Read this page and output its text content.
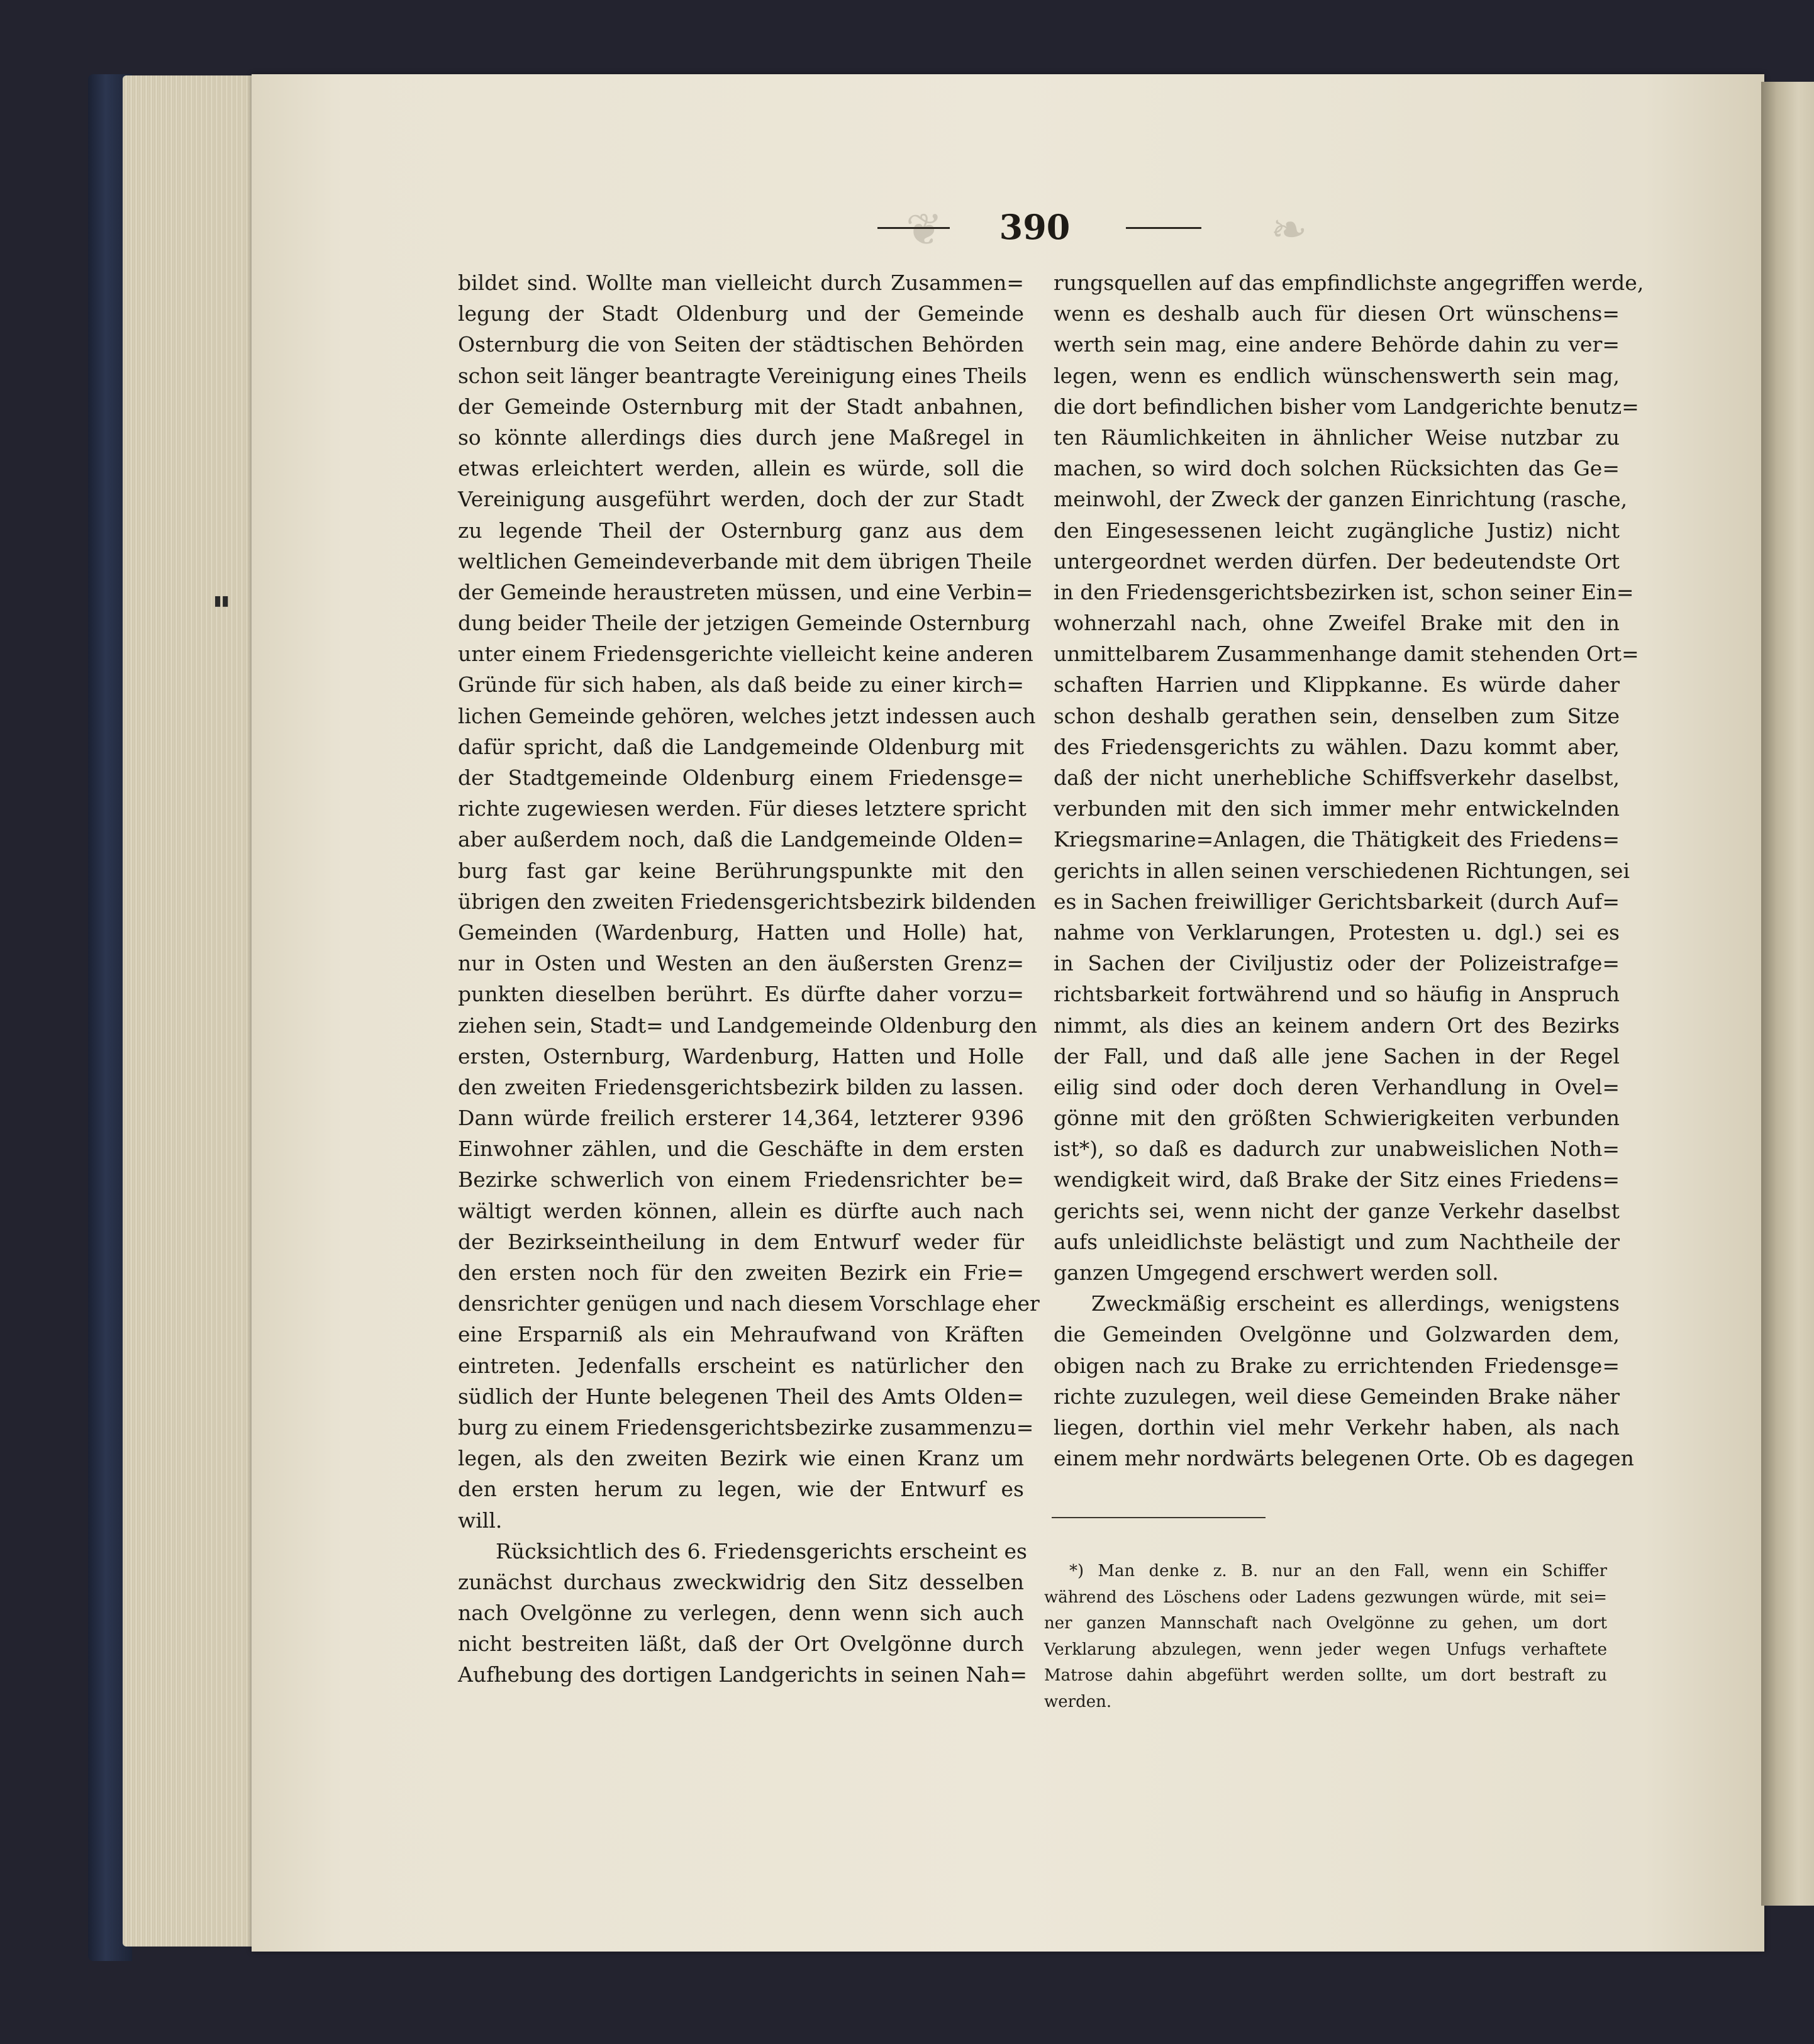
▮▮
390
❦	❧
bildet sind. Wollte man vielleicht durch Zusammen=
legung der Stadt Oldenburg und der Gemeinde
Osternburg die von Seiten der städtischen Behörden
schon seit länger beantragte Vereinigung eines Theils
der Gemeinde Osternburg mit der Stadt anbahnen,
so könnte allerdings dies durch jene Maßregel in
etwas erleichtert werden, allein es würde, soll die
Vereinigung ausgeführt werden, doch der zur Stadt
zu legende Theil der Osternburg ganz aus dem
weltlichen Gemeindeverbande mit dem übrigen Theile
der Gemeinde heraustreten müssen, und eine Verbin=
dung beider Theile der jetzigen Gemeinde Osternburg
unter einem Friedensgerichte vielleicht keine anderen
Gründe für sich haben, als daß beide zu einer kirch=
lichen Gemeinde gehören, welches jetzt indessen auch
dafür spricht, daß die Landgemeinde Oldenburg mit
der Stadtgemeinde Oldenburg einem Friedensge=
richte zugewiesen werden. Für dieses letztere spricht
aber außerdem noch, daß die Landgemeinde Olden=
burg fast gar keine Berührungspunkte mit den
übrigen den zweiten Friedensgerichtsbezirk bildenden
Gemeinden (Wardenburg, Hatten und Holle) hat,
nur in Osten und Westen an den äußersten Grenz=
punkten dieselben berührt. Es dürfte daher vorzu=
ziehen sein, Stadt= und Landgemeinde Oldenburg den
ersten, Osternburg, Wardenburg, Hatten und Holle
den zweiten Friedensgerichtsbezirk bilden zu lassen.
Dann würde freilich ersterer 14,364, letzterer 9396
Einwohner zählen, und die Geschäfte in dem ersten
Bezirke schwerlich von einem Friedensrichter be=
wältigt werden können, allein es dürfte auch nach
der Bezirkseintheilung in dem Entwurf weder für
den ersten noch für den zweiten Bezirk ein Frie=
densrichter genügen und nach diesem Vorschlage eher
eine Ersparniß als ein Mehraufwand von Kräften
eintreten. Jedenfalls erscheint es natürlicher den
südlich der Hunte belegenen Theil des Amts Olden=
burg zu einem Friedensgerichtsbezirke zusammenzu=
legen, als den zweiten Bezirk wie einen Kranz um
den ersten herum zu legen, wie der Entwurf es
will.
Rücksichtlich des 6. Friedensgerichts erscheint es
zunächst durchaus zweckwidrig den Sitz desselben
nach Ovelgönne zu verlegen, denn wenn sich auch
nicht bestreiten läßt, daß der Ort Ovelgönne durch
Aufhebung des dortigen Landgerichts in seinen Nah=
rungsquellen auf das empfindlichste angegriffen werde,
wenn es deshalb auch für diesen Ort wünschens=
werth sein mag, eine andere Behörde dahin zu ver=
legen, wenn es endlich wünschenswerth sein mag,
die dort befindlichen bisher vom Landgerichte benutz=
ten Räumlichkeiten in ähnlicher Weise nutzbar zu
machen, so wird doch solchen Rücksichten das Ge=
meinwohl, der Zweck der ganzen Einrichtung (rasche,
den Eingesessenen leicht zugängliche Justiz) nicht
untergeordnet werden dürfen. Der bedeutendste Ort
in den Friedensgerichtsbezirken ist, schon seiner Ein=
wohnerzahl nach, ohne Zweifel Brake mit den in
unmittelbarem Zusammenhange damit stehenden Ort=
schaften Harrien und Klippkanne. Es würde daher
schon deshalb gerathen sein, denselben zum Sitze
des Friedensgerichts zu wählen. Dazu kommt aber,
daß der nicht unerhebliche Schiffsverkehr daselbst,
verbunden mit den sich immer mehr entwickelnden
Kriegsmarine=Anlagen, die Thätigkeit des Friedens=
gerichts in allen seinen verschiedenen Richtungen, sei
es in Sachen freiwilliger Gerichtsbarkeit (durch Auf=
nahme von Verklarungen, Protesten u. dgl.) sei es
in Sachen der Civiljustiz oder der Polizeistrafge=
richtsbarkeit fortwährend und so häufig in Anspruch
nimmt, als dies an keinem andern Ort des Bezirks
der Fall, und daß alle jene Sachen in der Regel
eilig sind oder doch deren Verhandlung in Ovel=
gönne mit den größten Schwierigkeiten verbunden
ist*), so daß es dadurch zur unabweislichen Noth=
wendigkeit wird, daß Brake der Sitz eines Friedens=
gerichts sei, wenn nicht der ganze Verkehr daselbst
aufs unleidlichste belästigt und zum Nachtheile der
ganzen Umgegend erschwert werden soll.
Zweckmäßig erscheint es allerdings, wenigstens
die Gemeinden Ovelgönne und Golzwarden dem,
obigen nach zu Brake zu errichtenden Friedensge=
richte zuzulegen, weil diese Gemeinden Brake näher
liegen, dorthin viel mehr Verkehr haben, als nach
einem mehr nordwärts belegenen Orte. Ob es dagegen
*) Man denke z. B. nur an den Fall, wenn ein Schiffer
während des Löschens oder Ladens gezwungen würde, mit sei=
ner ganzen Mannschaft nach Ovelgönne zu gehen, um dort
Verklarung abzulegen, wenn jeder wegen Unfugs verhaftete
Matrose dahin abgeführt werden sollte, um dort bestraft zu
werden.
